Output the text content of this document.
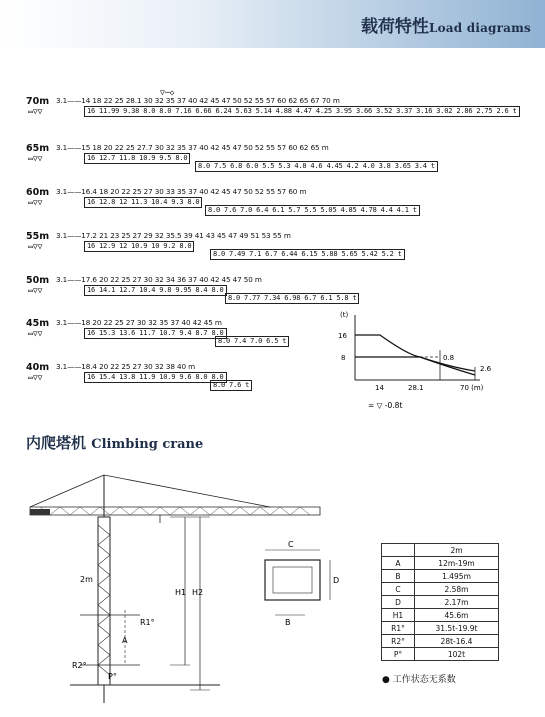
载荷特性Load diagrams
▽─◇
70m 3.1——14 18 22 25 28.1 30 32 35 37 40 42 45 47 50 52 55 57 60 62 65 67 70 m
16 11.99 9.38 8.0 8.0 7.16 6.66 6.24 5.63 5.14 4.88 4.47 4.25 3.95 3.66 3.52 3.37 3.16 3.02 2.86 2.75 2.6 t
▭▽▽
65m 3.1——15 18 20 22 25 27.7 30 32 35 37 40 42 45 47 50 52 55 57 60 62 65 m
16 12.7 11.8 10.9 9.5 8.0
8.0 7.5 6.8 6.0 5.5 5.3 4.8 4.6 4.45 4.2 4.0 3.8 3.65 3.4 t
▭▽▽
60m 3.1——16.4 18 20 22 25 27 30 33 35 37 40 42 45 47 50 52 55 57 60 m
16 12.8 12 11.3 10.4 9.3 8.0
8.0 7.6 7.0 6.4 6.1 5.7 5.5 5.05 4.85 4.78 4.4 4.1 t
▭▽▽
55m 3.1——17.2 21 23 25 27 29 32 35.5 39 41 43 45 47 49 51 53 55 m
16 12.9 12 10.9 10 9.2 8.0
8.0 7.49 7.1 6.7 6.44 6.15 5.88 5.65 5.42 5.2 t
▭▽▽
50m 3.1——17.6 20 22 25 27 30 32 34 36 37 40 42 45 47 50 m
16 14.1 12.7 10.4 9.8 9.95 8.4 8.0
8.0 7.77 7.34 6.98 6.7 6.1 5.8 t
▭▽▽
45m 3.1——18 20 22 25 27 30 32 35 37 40 42 45 m
16 15.3 13.6 11.7 10.7 9.4 8.7 8.0
8.0 7.4 7.0 6.5 t
▭▽▽
40m 3.1——18.4 20 22 25 27 30 32 38 40 m
16 15.4 13.8 11.9 10.9 9.6 8.0 8.0
8.0 7.6 t
▭▽▽
(t)
16
8
14	28.1	70 (m)
0.8
2.6
= ▽ -0.8t
内爬塔机 Climbing crane
2m
H1 H2
R1°
R2°
A
P°
C
D
B
	2m
A	12m-19m
B	1.495m
C	2.58m
D	2.17m
H1	45.6m
R1°	31.5t-19.9t
R2°	28t-16.4
P°	102t
● 工作状态无系数
